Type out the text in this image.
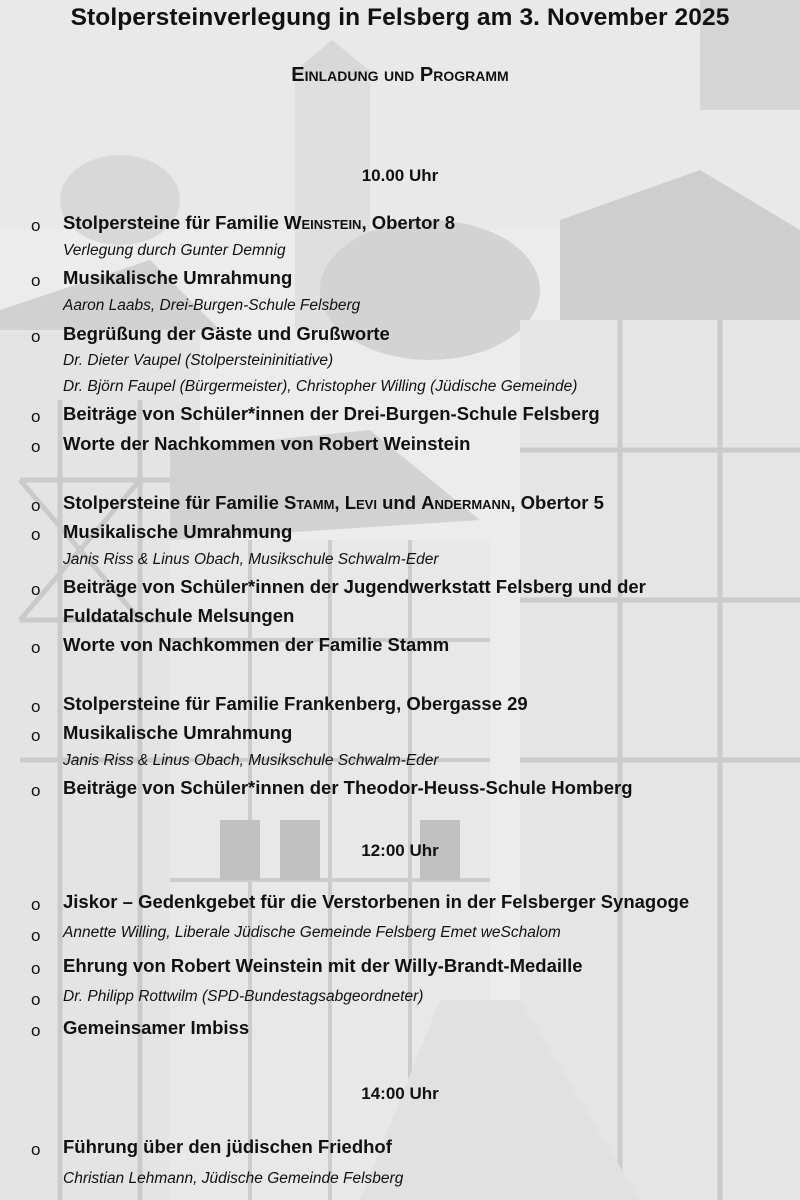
Stolpersteinverlegung in Felsberg am 3. November 2025
Einladung und Programm
10.00 Uhr
o Stolpersteine für Familie Weinstein, Obertor 8
Verlegung durch Gunter Demnig
o Musikalische Umrahmung
Aaron Laabs, Drei-Burgen-Schule Felsberg
o Begrüßung der Gäste und Grußworte
Dr. Dieter Vaupel (Stolpersteininitiative)
Dr. Björn Faupel (Bürgermeister), Christopher Willing (Jüdische Gemeinde)
o Beiträge von Schüler*innen der Drei-Burgen-Schule Felsberg
o Worte der Nachkommen von Robert Weinstein
o Stolpersteine für Familie Stamm, Levi und Andermann, Obertor 5
o Musikalische Umrahmung
Janis Riss & Linus Obach, Musikschule Schwalm-Eder
o Beiträge von Schüler*innen der Jugendwerkstatt Felsberg und der
Fuldatalschule Melsungen
o Worte von Nachkommen der Familie Stamm
o Stolpersteine für Familie Frankenberg, Obergasse 29
o Musikalische Umrahmung
Janis Riss & Linus Obach, Musikschule Schwalm-Eder
o Beiträge von Schüler*innen der Theodor-Heuss-Schule Homberg
12:00 Uhr
o Jiskor – Gedenkgebet für die Verstorbenen in der Felsberger Synagoge
o Annette Willing, Liberale Jüdische Gemeinde Felsberg Emet weSchalom
o Ehrung von Robert Weinstein mit der Willy-Brandt-Medaille
o Dr. Philipp Rottwilm (SPD-Bundestagsabgeordneter)
o Gemeinsamer Imbiss
14:00 Uhr
o Führung über den jüdischen Friedhof
Christian Lehmann, Jüdische Gemeinde Felsberg
